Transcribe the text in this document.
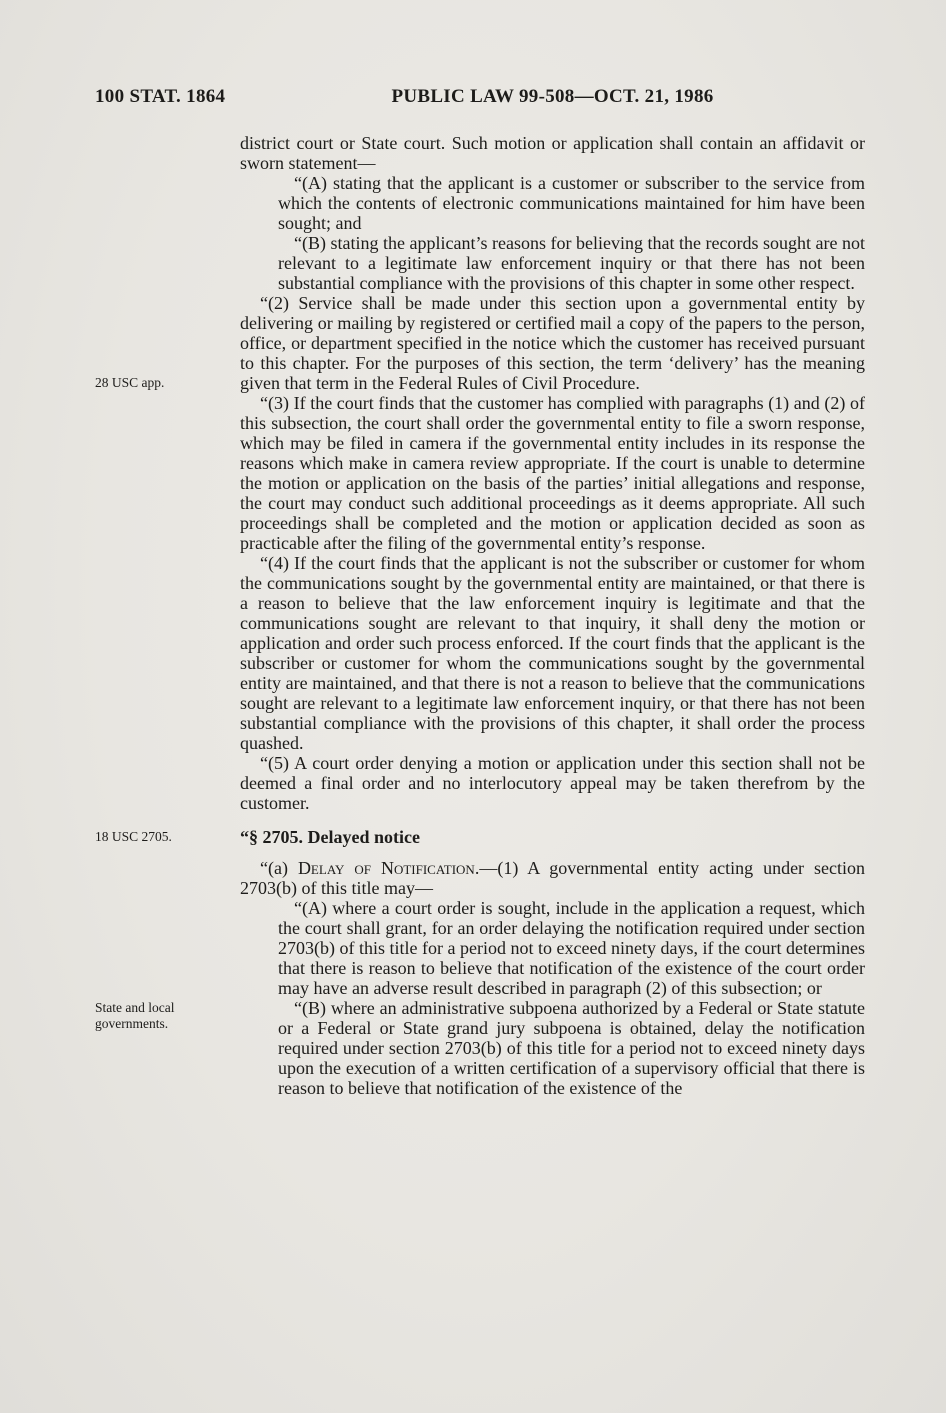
100 STAT. 1864	PUBLIC LAW 99-508—OCT. 21, 1986

district court or State court. Such motion or application shall contain an affidavit or sworn statement—

“(A) stating that the applicant is a customer or subscriber to the service from which the contents of electronic communications maintained for him have been sought; and

“(B) stating the applicant’s reasons for believing that the records sought are not relevant to a legitimate law enforcement inquiry or that there has not been substantial compliance with the provisions of this chapter in some other respect.

28 USC app.

“(2) Service shall be made under this section upon a governmental entity by delivering or mailing by registered or certified mail a copy of the papers to the person, office, or department specified in the notice which the customer has received pursuant to this chapter. For the purposes of this section, the term ‘delivery’ has the meaning given that term in the Federal Rules of Civil Procedure.

“(3) If the court finds that the customer has complied with paragraphs (1) and (2) of this subsection, the court shall order the governmental entity to file a sworn response, which may be filed in camera if the governmental entity includes in its response the reasons which make in camera review appropriate. If the court is unable to determine the motion or application on the basis of the parties’ initial allegations and response, the court may conduct such additional proceedings as it deems appropriate. All such proceedings shall be completed and the motion or application decided as soon as practicable after the filing of the governmental entity’s response.

“(4) If the court finds that the applicant is not the subscriber or customer for whom the communications sought by the governmental entity are maintained, or that there is a reason to believe that the law enforcement inquiry is legitimate and that the communications sought are relevant to that inquiry, it shall deny the motion or application and order such process enforced. If the court finds that the applicant is the subscriber or customer for whom the communications sought by the governmental entity are maintained, and that there is not a reason to believe that the communications sought are relevant to a legitimate law enforcement inquiry, or that there has not been substantial compliance with the provisions of this chapter, it shall order the process quashed.

“(5) A court order denying a motion or application under this section shall not be deemed a final order and no interlocutory appeal may be taken therefrom by the customer.

18 USC 2705.	“§ 2705. Delayed notice

“(a) Delay of Notification.—(1) A governmental entity acting under section 2703(b) of this title may—

“(A) where a court order is sought, include in the application a request, which the court shall grant, for an order delaying the notification required under section 2703(b) of this title for a period not to exceed ninety days, if the court determines that there is reason to believe that notification of the existence of the court order may have an adverse result described in paragraph (2) of this subsection; or

State and local governments.

“(B) where an administrative subpoena authorized by a Federal or State statute or a Federal or State grand jury subpoena is obtained, delay the notification required under section 2703(b) of this title for a period not to exceed ninety days upon the execution of a written certification of a supervisory official that there is reason to believe that notification of the existence of the
